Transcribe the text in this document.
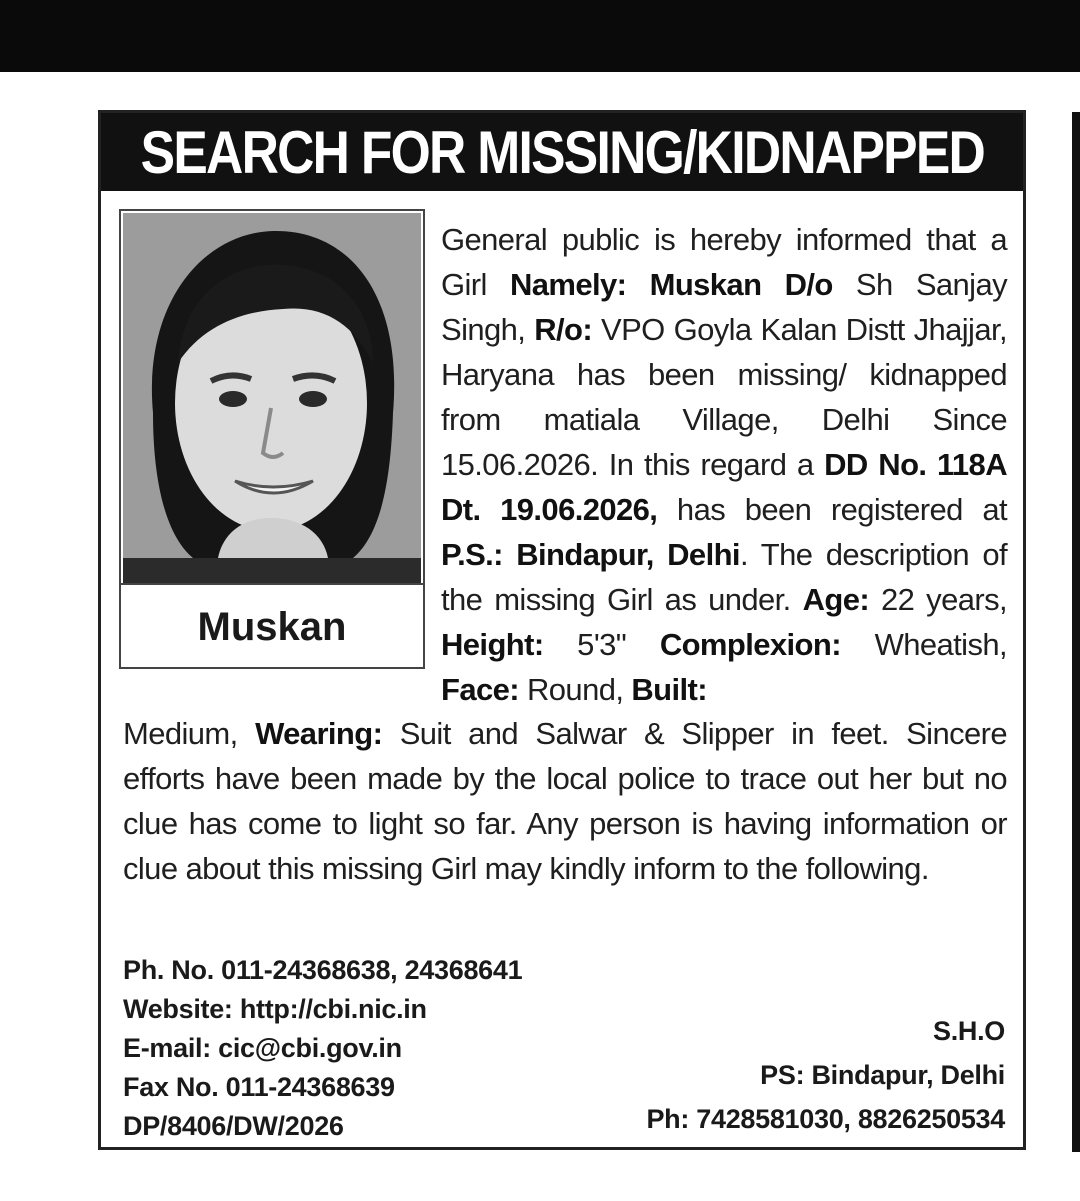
SEARCH FOR MISSING/KIDNAPPED
Muskan
General public is hereby informed that a Girl Namely: Muskan D/o Sh Sanjay Singh, R/o: VPO Goyla Kalan Distt Jhajjar, Haryana has been missing/ kidnapped from matiala Village, Delhi Since 15.06.2026. In this regard a DD No. 118A Dt. 19.06.2026, has been registered at P.S.: Bindapur, Delhi. The description of the missing Girl as under. Age: 22 years, Height: 5'3" Complexion: Wheatish, Face: Round, Built:
Medium, Wearing: Suit and Salwar & Slipper in feet. Sincere efforts have been made by the local police to trace out her but no clue has come to light so far. Any person is having information or clue about this missing Girl may kindly inform to the following.
Ph. No. 011-24368638, 24368641
Website: http://cbi.nic.in
E-mail: cic@cbi.gov.in
Fax No. 011-24368639
DP/8406/DW/2026
S.H.O
PS: Bindapur, Delhi
Ph: 7428581030, 8826250534
